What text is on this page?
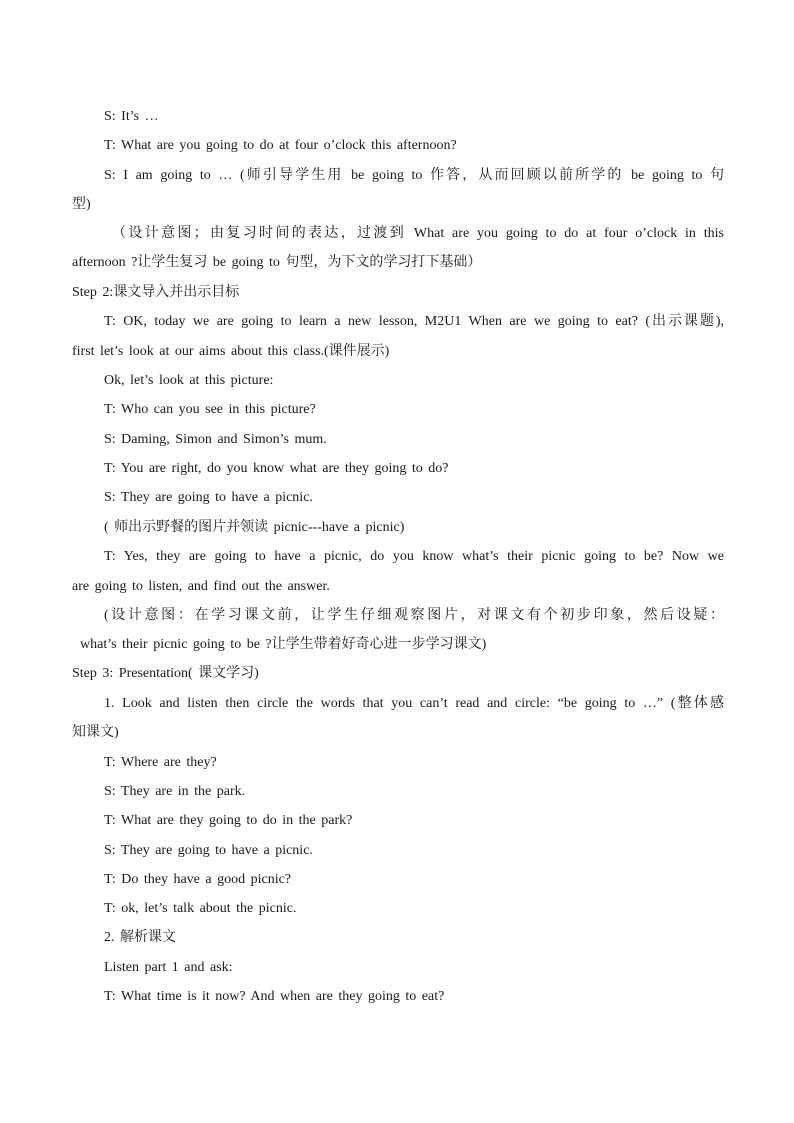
S: It’s …
T: What are you going to do at four o’clock this afternoon?
S: I am going to … (师引导学生用 be going to 作答，从而回顾以前所学的 be going to 句
型)
（设计意图；由复习时间的表达，过渡到 What are you going to do at four o’clock in this
afternoon ?让学生复习 be going to 句型，为下文的学习打下基础）
Step 2:课文导入并出示目标
T: OK, today we are going to learn a new lesson, M2U1 When are we going to eat? (出示课题),
first let’s look at our aims about this class.(课件展示)
Ok, let’s look at this picture:
T: Who can you see in this picture?
S: Daming, Simon and Simon’s mum.
T: You are right, do you know what are they going to do?
S: They are going to have a picnic.
( 师出示野餐的图片并领读 picnic---have a picnic)
T: Yes, they are going to have a picnic, do you know what’s their picnic going to be? Now we
are going to listen, and find out the answer.
(设计意图：在学习课文前，让学生仔细观察图片，对课文有个初步印象，然后设疑：
what’s their picnic going to be ?让学生带着好奇心进一步学习课文)
Step 3: Presentation( 课文学习)
1. Look and listen then circle the words that you can’t read and circle: “be going to …” (整体感
知课文)
T: Where are they?
S: They are in the park.
T: What are they going to do in the park?
S: They are going to have a picnic.
T: Do they have a good picnic?
T: ok, let’s talk about the picnic.
2. 解析课文
Listen part 1 and ask:
T: What time is it now? And when are they going to eat?
